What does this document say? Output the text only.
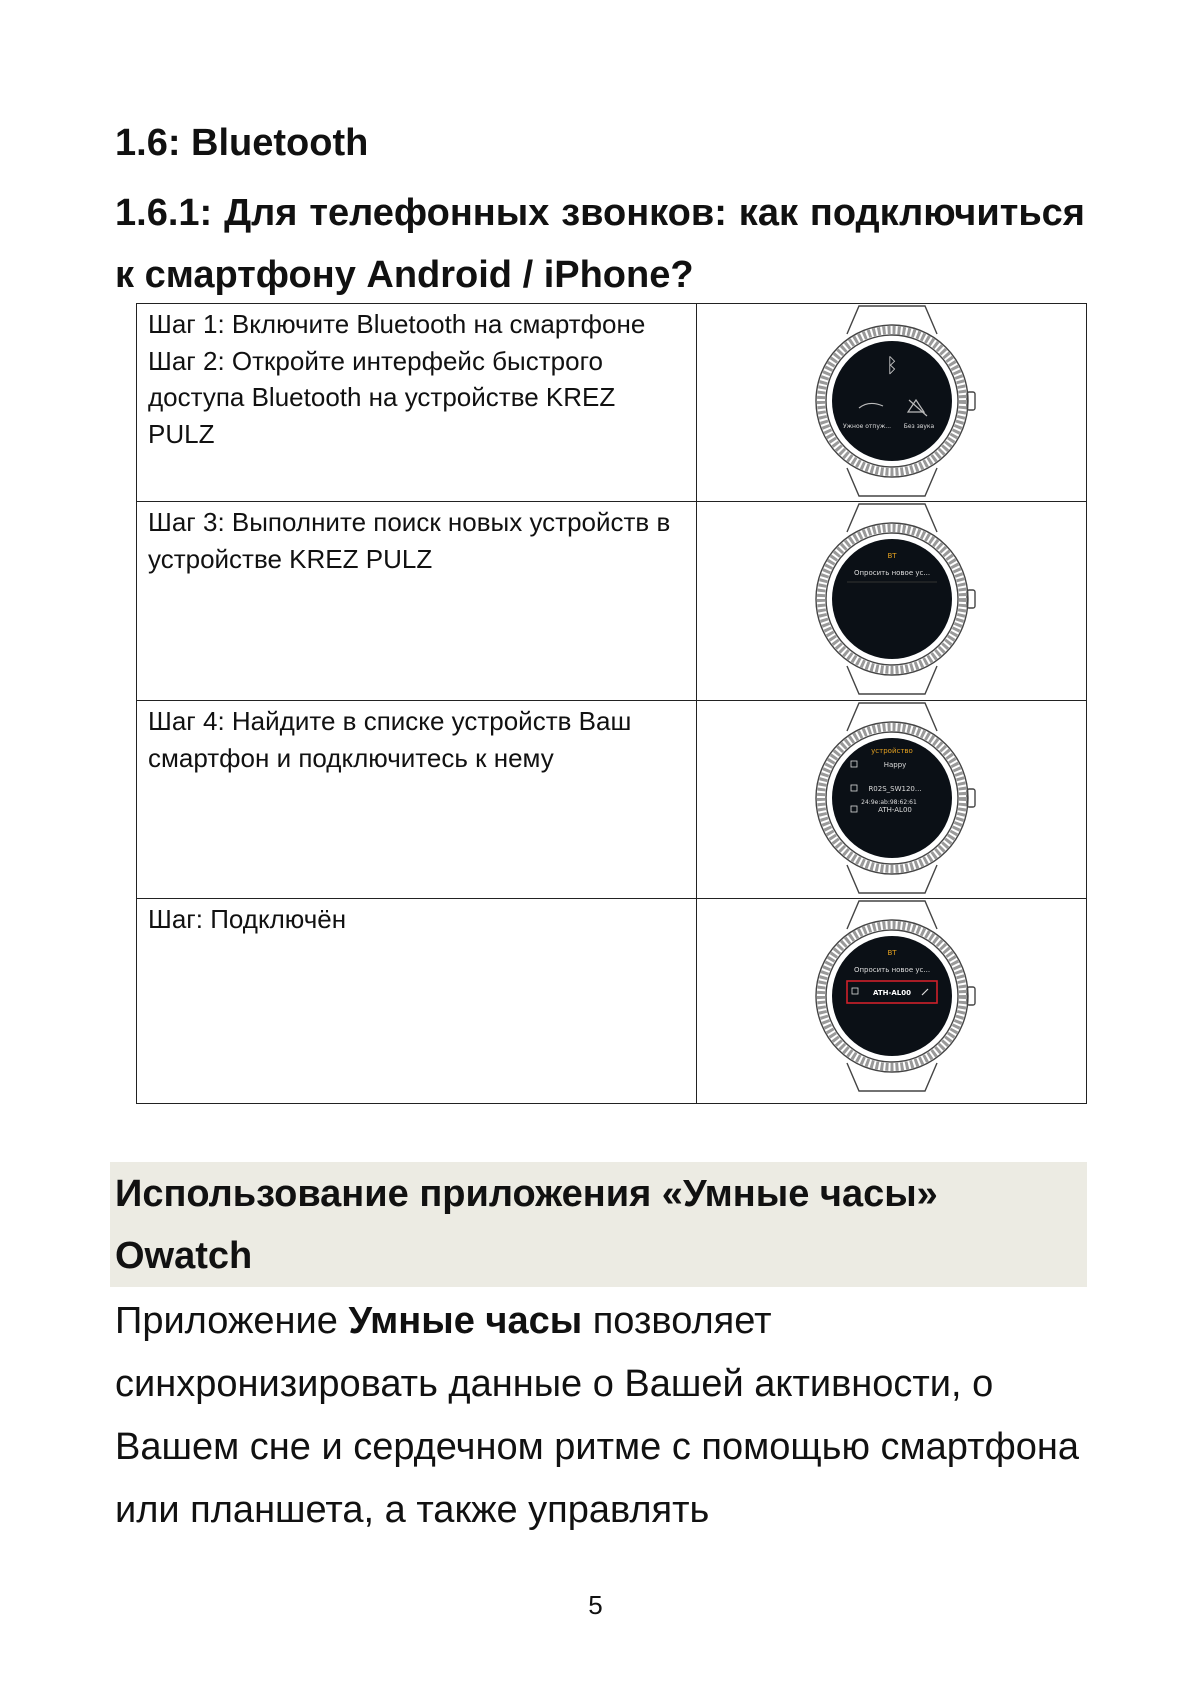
1.6: Bluetooth
1.6.1: Для телефонных звонков: как подключиться к смартфону Android / iPhone?
Шаг 1: Включите Bluetooth на смартфоне
Шаг 2: Откройте интерфейс быстрого доступа Bluetooth на устройстве KREZ PULZ	ᛒ
Ужное отпуж... Без звука

Шаг 3: Выполните поиск новых устройств в устройстве KREZ PULZ	BT
Опросить новое ус...

Шаг 4: Найдите в списке устройств Ваш смартфон и подключитесь к нему	устройство
Happy
R02S_SW120...
24:9e:ab:98:62:61
ATH-AL00

Шаг: Подключён	BT
Опросить новое ус...
ATH-AL00
Использование приложения «Умные часы» Owatch

Приложение Умные часы позволяет синхронизировать данные о Вашей активности, о Вашем сне и сердечном ритме с помощью смартфона или планшета, а также управлять

5
